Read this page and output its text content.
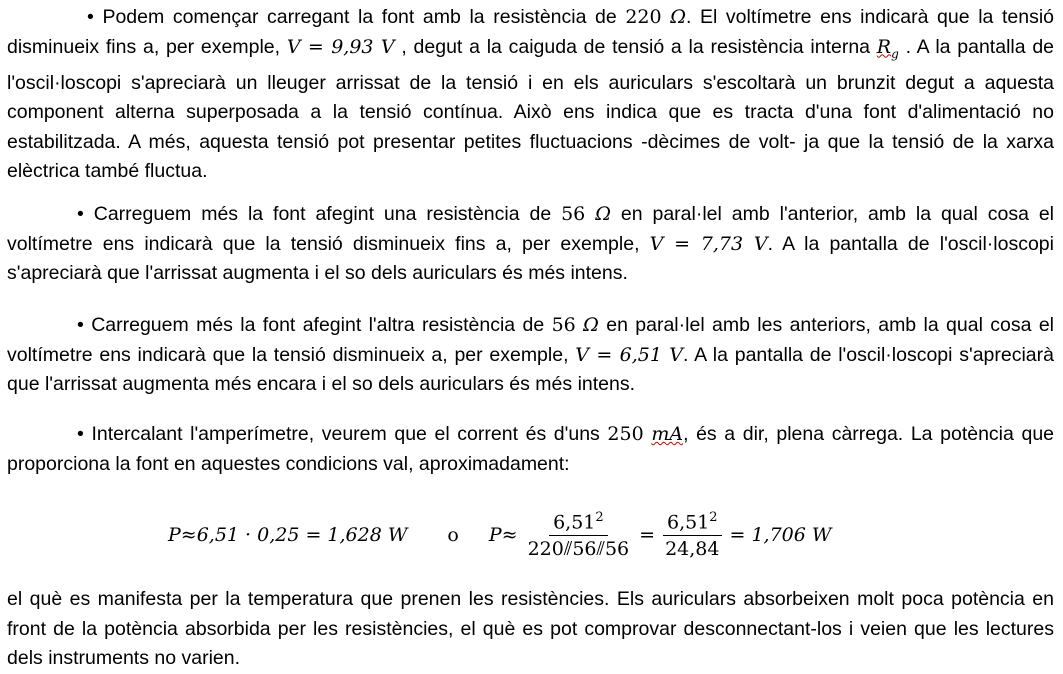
• Podem començar carregant la font amb la resistència de 220 Ω. El voltímetre ens indicarà que la tensió disminueix fins a, per exemple, V = 9,93 V , degut a la caiguda de tensió a la resistència interna $R_g$ . A la pantalla de l'oscil·loscopi s'apreciarà un lleuger arrissat de la tensió i en els auriculars s'escoltarà un brunzit degut a aquesta component alterna superposada a la tensió contínua. Això ens indica que es tracta d'una font d'alimentació no estabilitzada. A més, aquesta tensió pot presentar petites fluctuacions -dècimes de volt- ja que la tensió de la xarxa elèctrica també fluctua.

• Carreguem més la font afegint una resistència de 56 Ω en paral·lel amb l'anterior, amb la qual cosa el voltímetre ens indicarà que la tensió disminueix fins a, per exemple, V = 7,73 V. A la pantalla de l'oscil·loscopi s'apreciarà que l'arrissat augmenta i el so dels auriculars és més intens.

• Carreguem més la font afegint l'altra resistència de 56 Ω en paral·lel amb les anteriors, amb la qual cosa el voltímetre ens indicarà que la tensió disminueix a, per exemple, V = 6,51 V. A la pantalla de l'oscil·loscopi s'apreciarà que l'arrissat augmenta més encara i el so dels auriculars és més intens.

• Intercalant l'amperímetre, veurem que el corrent és d'uns 250 mA, és a dir, plena càrrega. La potència que proporciona la font en aquestes condicions val, aproximadament:

P≈6,51 · 0,25 = 1,628 W o $P\approx \frac{6,51^2}{220⫽56⫽56} = \frac{6,51^2}{24,84} = 1,706$ W

el què es manifesta per la temperatura que prenen les resistències. Els auriculars absorbeixen molt poca potència en front de la potència absorbida per les resistències, el què es pot comprovar desconnectant-los i veien que les lectures dels instruments no varien.
